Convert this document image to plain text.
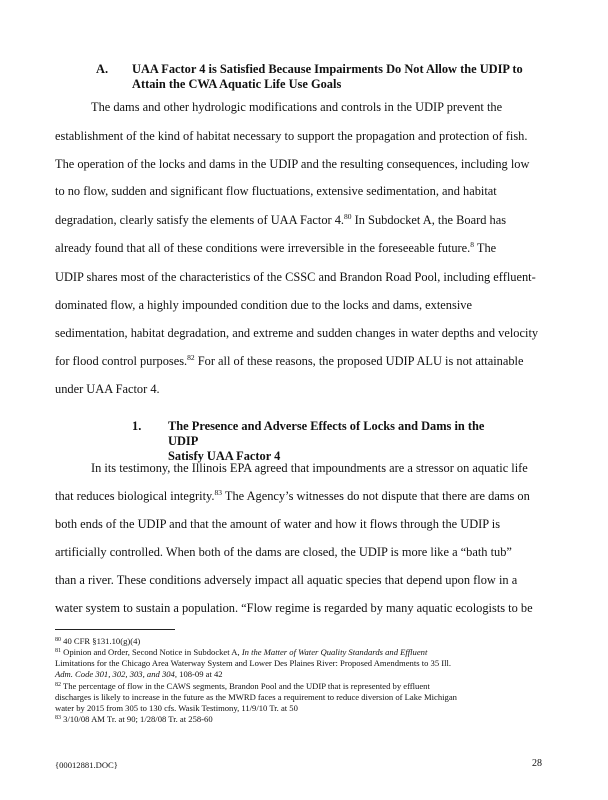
A. UAA Factor 4 is Satisfied Because Impairments Do Not Allow the UDIP to
Attain the CWA Aquatic Life Use Goals
The dams and other hydrologic modifications and controls in the UDIP prevent the
establishment of the kind of habitat necessary to support the propagation and protection of fish.
The operation of the locks and dams in the UDIP and the resulting consequences, including low
to no flow, sudden and significant flow fluctuations, extensive sedimentation, and habitat
degradation, clearly satisfy the elements of UAA Factor 4.80 In Subdocket A, the Board has
already found that all of these conditions were irreversible in the foreseeable future.$^8$ The
UDIP shares most of the characteristics of the CSSC and Brandon Road Pool, including effluent-
dominated flow, a highly impounded condition due to the locks and dams, extensive
sedimentation, habitat degradation, and extreme and sudden changes in water depths and velocity
for flood control purposes.$^{82}$ For all of these reasons, the proposed UDIP ALU is not attainable
under UAA Factor 4.
1. The Presence and Adverse Effects of Locks and Dams in the UDIP
Satisfy UAA Factor 4
In its testimony, the Illinois EPA agreed that impoundments are a stressor on aquatic life
that reduces biological integrity.$^{83}$ The Agency’s witnesses do not dispute that there are dams on
both ends of the UDIP and that the amount of water and how it flows through the UDIP is
artificially controlled. When both of the dams are closed, the UDIP is more like a “bath tub”
than a river. These conditions adversely impact all aquatic species that depend upon flow in a
water system to sustain a population. “Flow regime is regarded by many aquatic ecologists to be
$^{80}$ 40 CFR §131.10(g)(4)
$^{81}$ Opinion and Order, Second Notice in Subdocket A, In the Matter of Water Quality Standards and Effluent
Limitations for the Chicago Area Waterway System and Lower Des Plaines River: Proposed Amendments to 35 Ill.
Adm. Code 301, 302, 303, and 304, 108-09 at 42
$^{82}$ The percentage of flow in the CAWS segments, Brandon Pool and the UDIP that is represented by effluent
discharges is likely to increase in the future as the MWRD faces a requirement to reduce diversion of Lake Michigan
water by 2015 from 305 to 130 cfs. Wasik Testimony, 11/9/10 Tr. at 50
$^{83}$ 3/10/08 AM Tr. at 90; 1/28/08 Tr. at 258-60
{00012881.DOC}	28
